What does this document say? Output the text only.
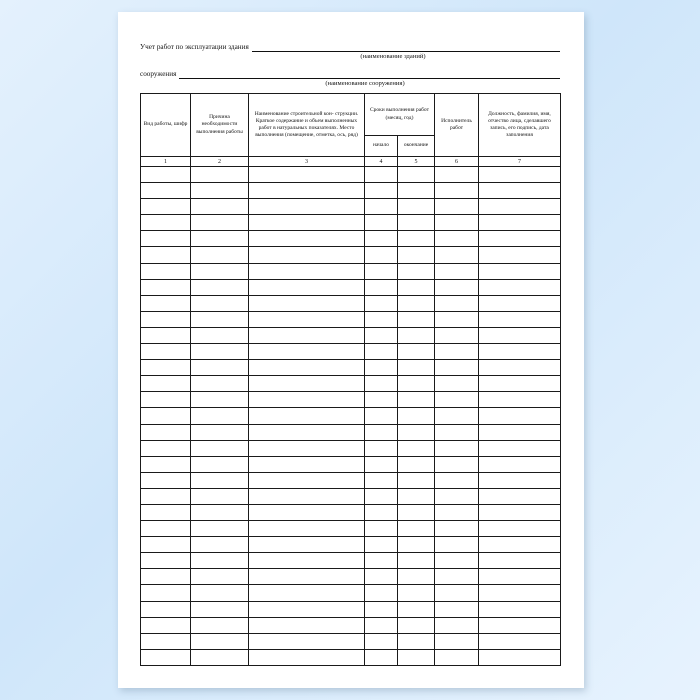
Учет работ по эксплуатации здания
(наименование зданий)
сооружения
(наименование сооружения)
Вид работы, шифр	Причина необходимости выполнения работы	Наименование строительной кон- струкции. Краткое содержание и объем выполненных работ в натуральных показателях. Место выполнения (помещение, отметка, ось, ряд)	Сроки выполнения работ (месяц, год)		Исполнитель работ	Должность, фамилия, имя, отчество лица, сделавшего запись, его подпись, дата заполнения
			начало	окончание		
1	2	3	4	5	6	7
